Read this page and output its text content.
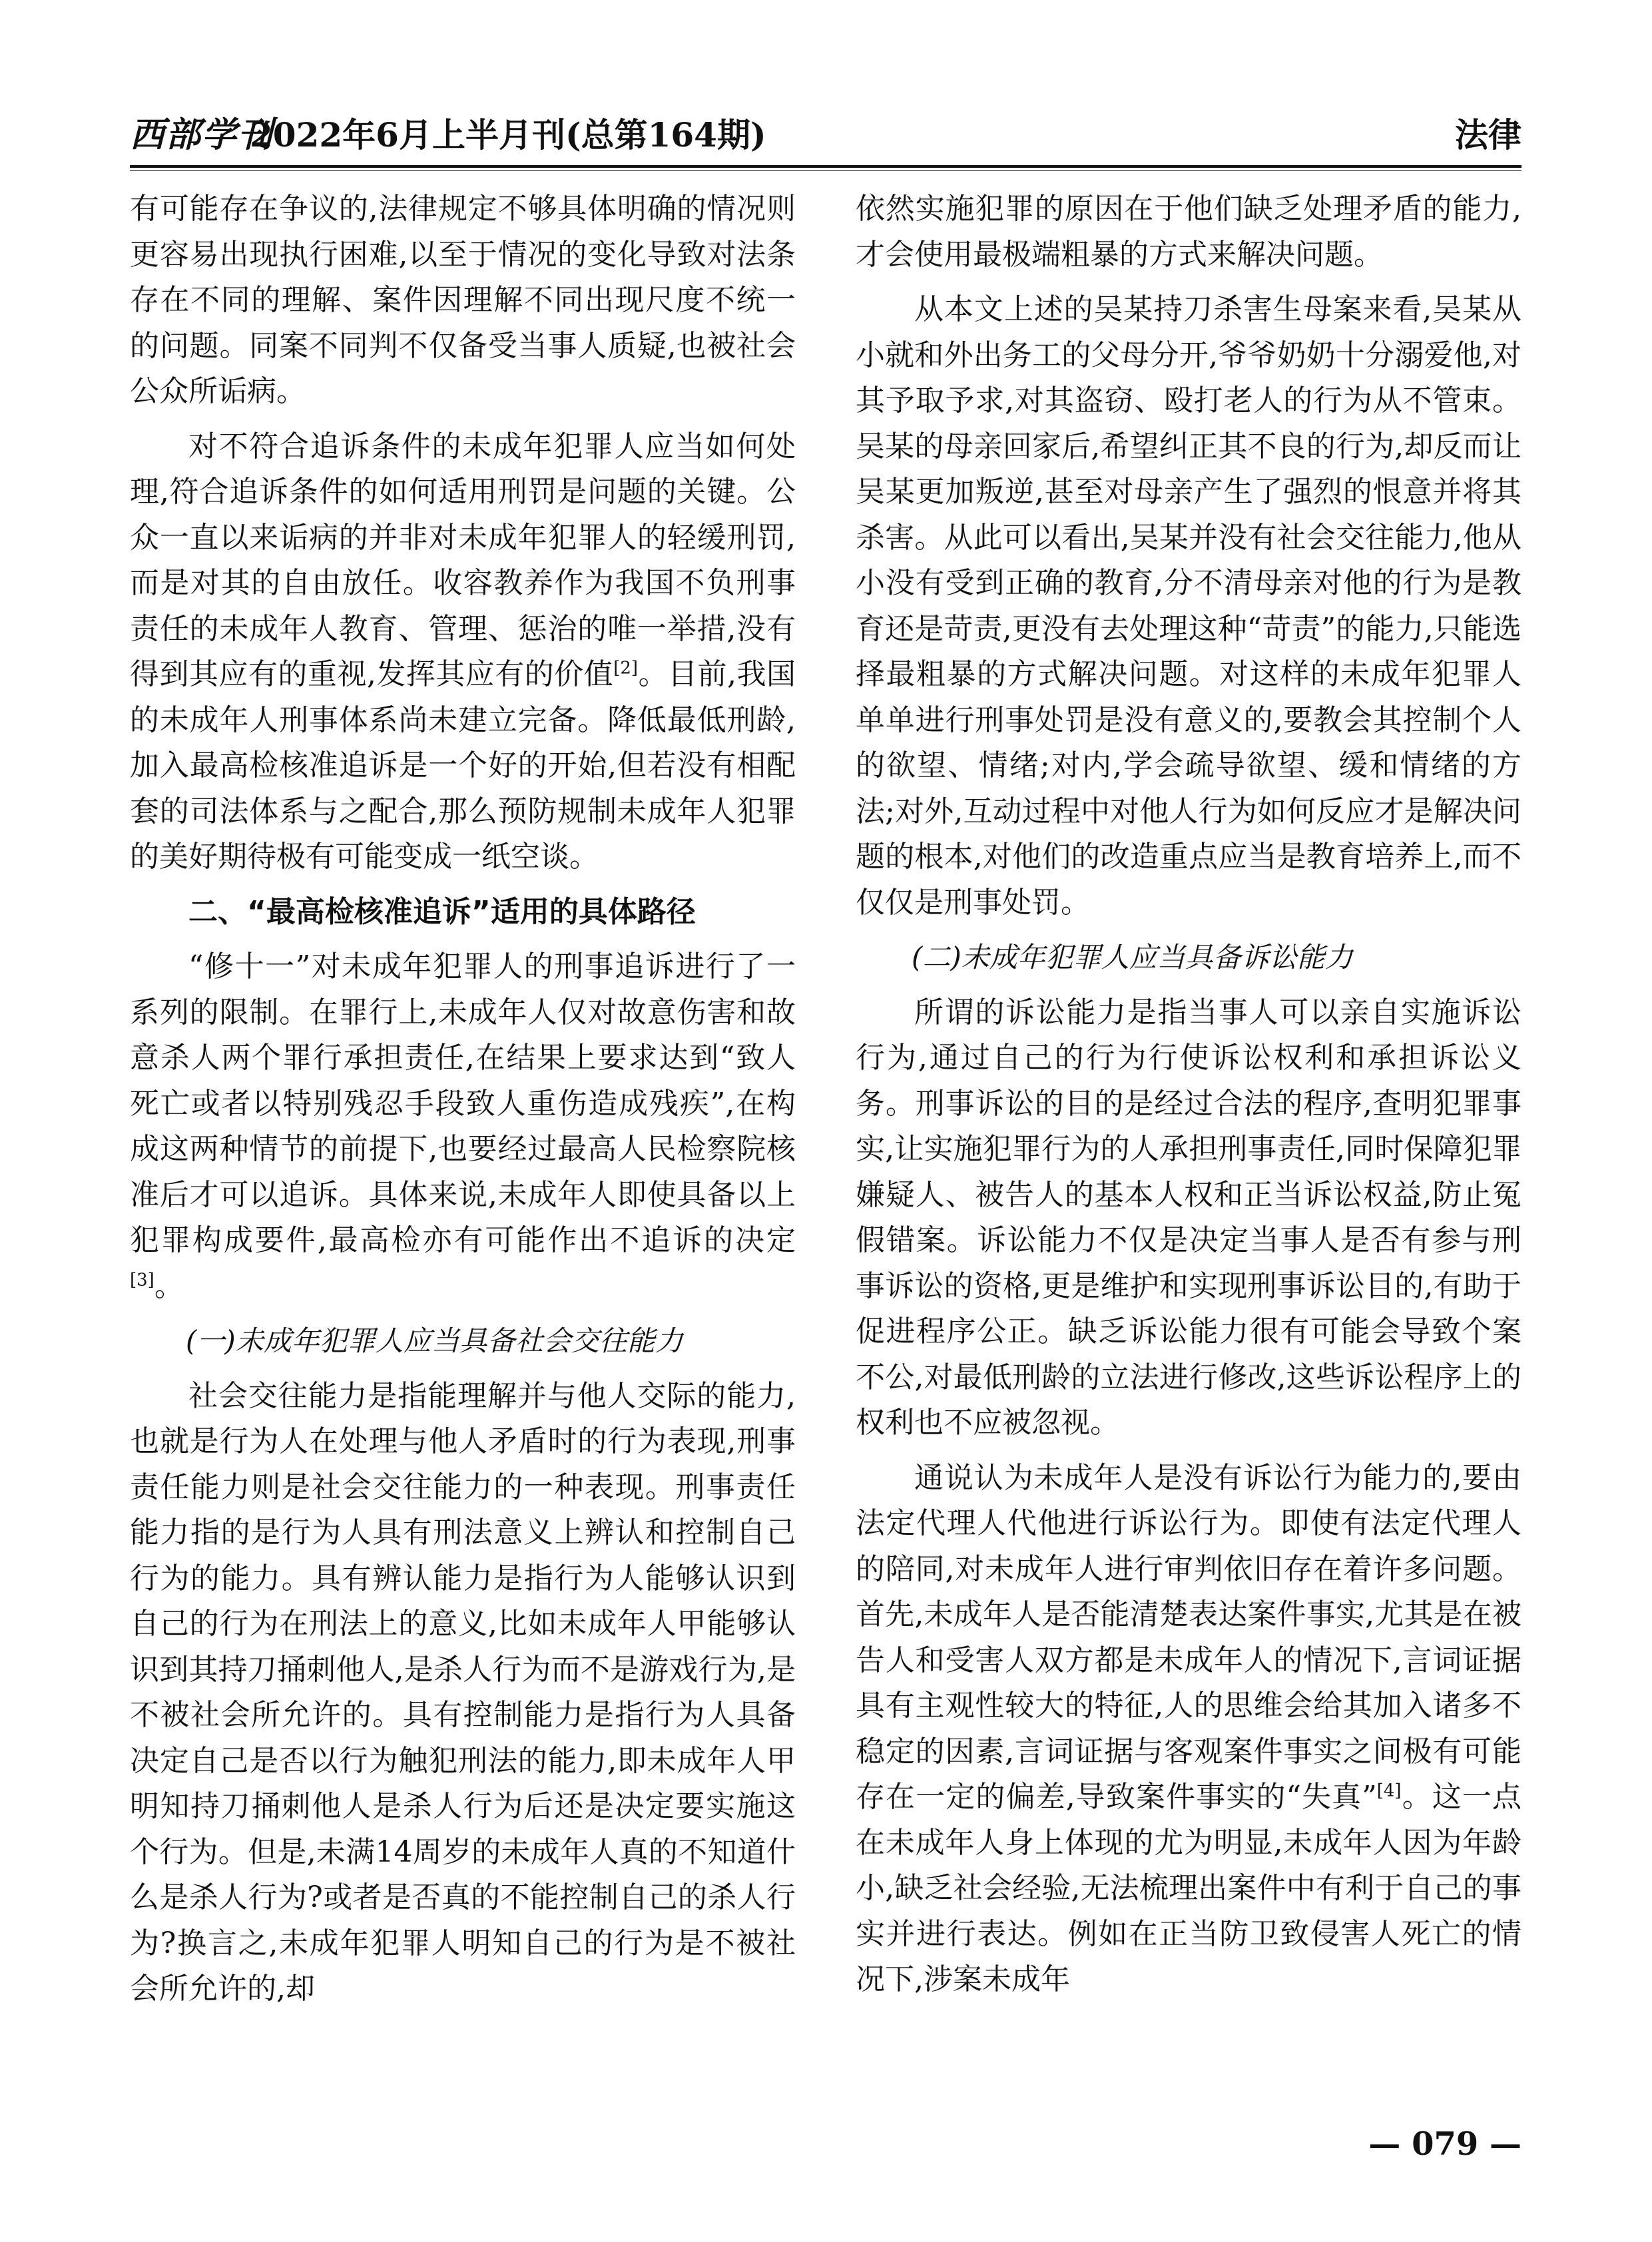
西部学刊
2022年6月上半月刊(总第164期)	法律

有可能存在争议的,法律规定不够具体明确的情况则更容易出现执行困难,以至于情况的变化导致对法条存在不同的理解、案件因理解不同出现尺度不统一的问题。同案不同判不仅备受当事人质疑,也被社会公众所诟病。

对不符合追诉条件的未成年犯罪人应当如何处理,符合追诉条件的如何适用刑罚是问题的关键。公众一直以来诟病的并非对未成年犯罪人的轻缓刑罚,而是对其的自由放任。收容教养作为我国不负刑事责任的未成年人教育、管理、惩治的唯一举措,没有得到其应有的重视,发挥其应有的价值[2]。目前,我国的未成年人刑事体系尚未建立完备。降低最低刑龄,加入最高检核准追诉是一个好的开始,但若没有相配套的司法体系与之配合,那么预防规制未成年人犯罪的美好期待极有可能变成一纸空谈。

二、“最高检核准追诉”适用的具体路径

“修十一”对未成年犯罪人的刑事追诉进行了一系列的限制。在罪行上,未成年人仅对故意伤害和故意杀人两个罪行承担责任,在结果上要求达到“致人死亡或者以特别残忍手段致人重伤造成残疾”,在构成这两种情节的前提下,也要经过最高人民检察院核准后才可以追诉。具体来说,未成年人即使具备以上犯罪构成要件,最高检亦有可能作出不追诉的决定[3]。

(一)未成年犯罪人应当具备社会交往能力

社会交往能力是指能理解并与他人交际的能力,也就是行为人在处理与他人矛盾时的行为表现,刑事责任能力则是社会交往能力的一种表现。刑事责任能力指的是行为人具有刑法意义上辨认和控制自己行为的能力。具有辨认能力是指行为人能够认识到自己的行为在刑法上的意义,比如未成年人甲能够认识到其持刀捅刺他人,是杀人行为而不是游戏行为,是不被社会所允许的。具有控制能力是指行为人具备决定自己是否以行为触犯刑法的能力,即未成年人甲明知持刀捅刺他人是杀人行为后还是决定要实施这个行为。但是,未满14周岁的未成年人真的不知道什么是杀人行为?或者是否真的不能控制自己的杀人行为?换言之,未成年犯罪人明知自己的行为是不被社会所允许的,却

依然实施犯罪的原因在于他们缺乏处理矛盾的能力,才会使用最极端粗暴的方式来解决问题。

从本文上述的吴某持刀杀害生母案来看,吴某从小就和外出务工的父母分开,爷爷奶奶十分溺爱他,对其予取予求,对其盗窃、殴打老人的行为从不管束。吴某的母亲回家后,希望纠正其不良的行为,却反而让吴某更加叛逆,甚至对母亲产生了强烈的恨意并将其杀害。从此可以看出,吴某并没有社会交往能力,他从小没有受到正确的教育,分不清母亲对他的行为是教育还是苛责,更没有去处理这种“苛责”的能力,只能选择最粗暴的方式解决问题。对这样的未成年犯罪人单单进行刑事处罚是没有意义的,要教会其控制个人的欲望、情绪;对内,学会疏导欲望、缓和情绪的方法;对外,互动过程中对他人行为如何反应才是解决问题的根本,对他们的改造重点应当是教育培养上,而不仅仅是刑事处罚。

(二)未成年犯罪人应当具备诉讼能力

所谓的诉讼能力是指当事人可以亲自实施诉讼行为,通过自己的行为行使诉讼权利和承担诉讼义务。刑事诉讼的目的是经过合法的程序,查明犯罪事实,让实施犯罪行为的人承担刑事责任,同时保障犯罪嫌疑人、被告人的基本人权和正当诉讼权益,防止冤假错案。诉讼能力不仅是决定当事人是否有参与刑事诉讼的资格,更是维护和实现刑事诉讼目的,有助于促进程序公正。缺乏诉讼能力很有可能会导致个案不公,对最低刑龄的立法进行修改,这些诉讼程序上的权利也不应被忽视。

通说认为未成年人是没有诉讼行为能力的,要由法定代理人代他进行诉讼行为。即使有法定代理人的陪同,对未成年人进行审判依旧存在着许多问题。首先,未成年人是否能清楚表达案件事实,尤其是在被告人和受害人双方都是未成年人的情况下,言词证据具有主观性较大的特征,人的思维会给其加入诸多不稳定的因素,言词证据与客观案件事实之间极有可能存在一定的偏差,导致案件事实的“失真”[4]。这一点在未成年人身上体现的尤为明显,未成年人因为年龄小,缺乏社会经验,无法梳理出案件中有利于自己的事实并进行表达。例如在正当防卫致侵害人死亡的情况下,涉案未成年

— 079 —
